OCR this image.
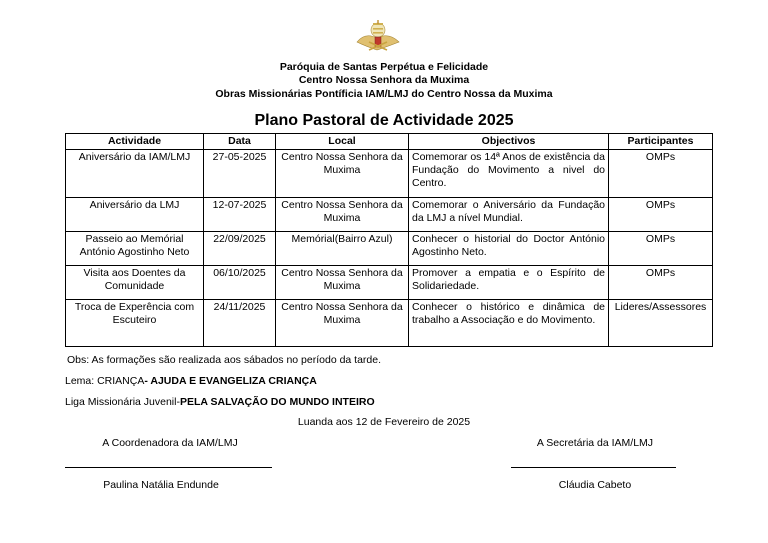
Paróquia de Santas Perpétua e Felicidade
Centro Nossa Senhora da Muxima
Obras Missionárias Pontíficia IAM/LMJ do Centro Nossa da Muxima
Plano Pastoral de Actividade 2025
Actividade	Data	Local	Objectivos	Participantes
Aniversário da IAM/LMJ	27-05-2025	Centro Nossa Senhora da Muxima	Comemorar os 14ª Anos de existência da Fundação do Movimento a nivel do Centro.	OMPs
Aniversário da LMJ	12-07-2025	Centro Nossa Senhora da Muxima	Comemorar o Aniversário da Fundação da LMJ a nível Mundial.	OMPs
Passeio ao Memórial António Agostinho Neto	22/09/2025	Memórial(Bairro Azul)	Conhecer o historial do Doctor António Agostinho Neto.	OMPs
Visita aos Doentes da Comunidade	06/10/2025	Centro Nossa Senhora da Muxima	Promover a empatia e o Espírito de Solidariedade.	OMPs
Troca de Experência com Escuteiro	24/11/2025	Centro Nossa Senhora da Muxima	Conhecer o histórico e dinâmica de trabalho a Associação e do Movimento.	Lideres/Assessores
Obs: As formações são realizada aos sábados no período da tarde.
Lema: CRIANÇA- AJUDA E EVANGELIZA CRIANÇA
Liga Missionária Juvenil-PELA SALVAÇÃO DO MUNDO INTEIRO
Luanda aos 12 de Fevereiro de 2025
A Coordenadora da IAM/LMJ
Paulina Natália Endunde
A Secretária da IAM/LMJ
Cláudia Cabeto
